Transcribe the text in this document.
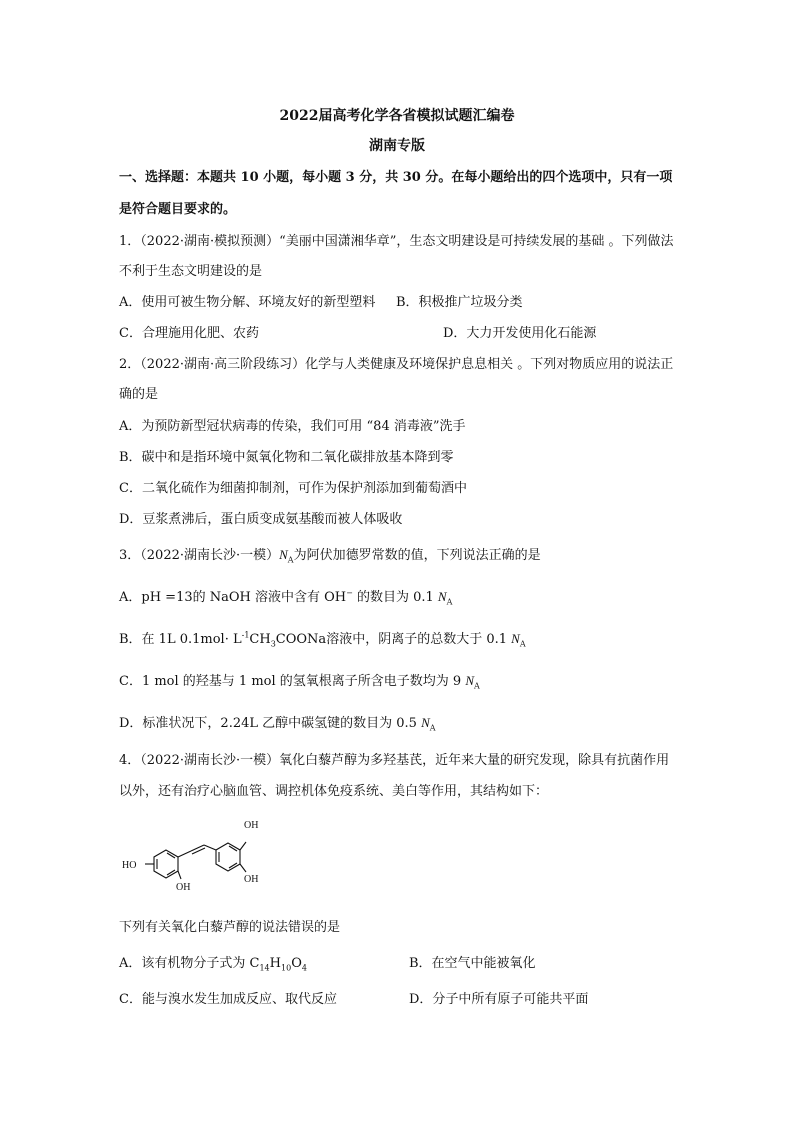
2022届高考化学各省模拟试题汇编卷
湖南专版
一、选择题：本题共 10 小题，每小题 3 分，共 30 分。在每小题给出的四个选项中，只有一项
是符合题目要求的。
1．（2022·湖南·模拟预测）“美丽中国潇湘华章”，生态文明建设是可持续发展的基础 。下列做法
不利于生态文明建设的是
A．使用可被生物分解、环境友好的新型塑料 B．积极推广垃圾分类
C．合理施用化肥、农药	D．大力开发使用化石能源
2．（2022·湖南·高三阶段练习）化学与人类健康及环境保护息息相关 。下列对物质应用的说法正
确的是
A．为预防新型冠状病毒的传染，我们可用 “84 消毒液”洗手
B．碳中和是指环境中氮氧化物和二氧化碳排放基本降到零
C．二氧化硫作为细菌抑制剂，可作为保护剂添加到葡萄酒中
D．豆浆煮沸后，蛋白质变成氨基酸而被人体吸收
3．（2022·湖南长沙·一模）$N_A$为阿伏加德罗常数的值，下列说法正确的是
A．pH =13的 NaOH 溶液中含有 OH− 的数目为 0.1 $N_A$
B．在 1L $0.1mol\cdot L^{-1}CH_3COONa$溶液中，阴离子的总数大于 0.1 $N_A$
C．1 mol 的羟基与 1 mol 的氢氧根离子所含电子数均为 9 $N_A$
D．标准状况下，2.24L 乙醇中碳氢键的数目为 0.5 $N_A$
4．（2022·湖南长沙·一模）氧化白藜芦醇为多羟基芪，近年来大量的研究发现，除具有抗菌作用
以外，还有治疗心脑血管、调控机体免疫系统、美白等作用，其结构如下：
HO
OH
OH
OH
下列有关氧化白藜芦醇的说法错误的是
A．该有机物分子式为 $C_{14}H_{10}O_4$	B．在空气中能被氧化
C．能与溴水发生加成反应、取代反应	D．分子中所有原子可能共平面
